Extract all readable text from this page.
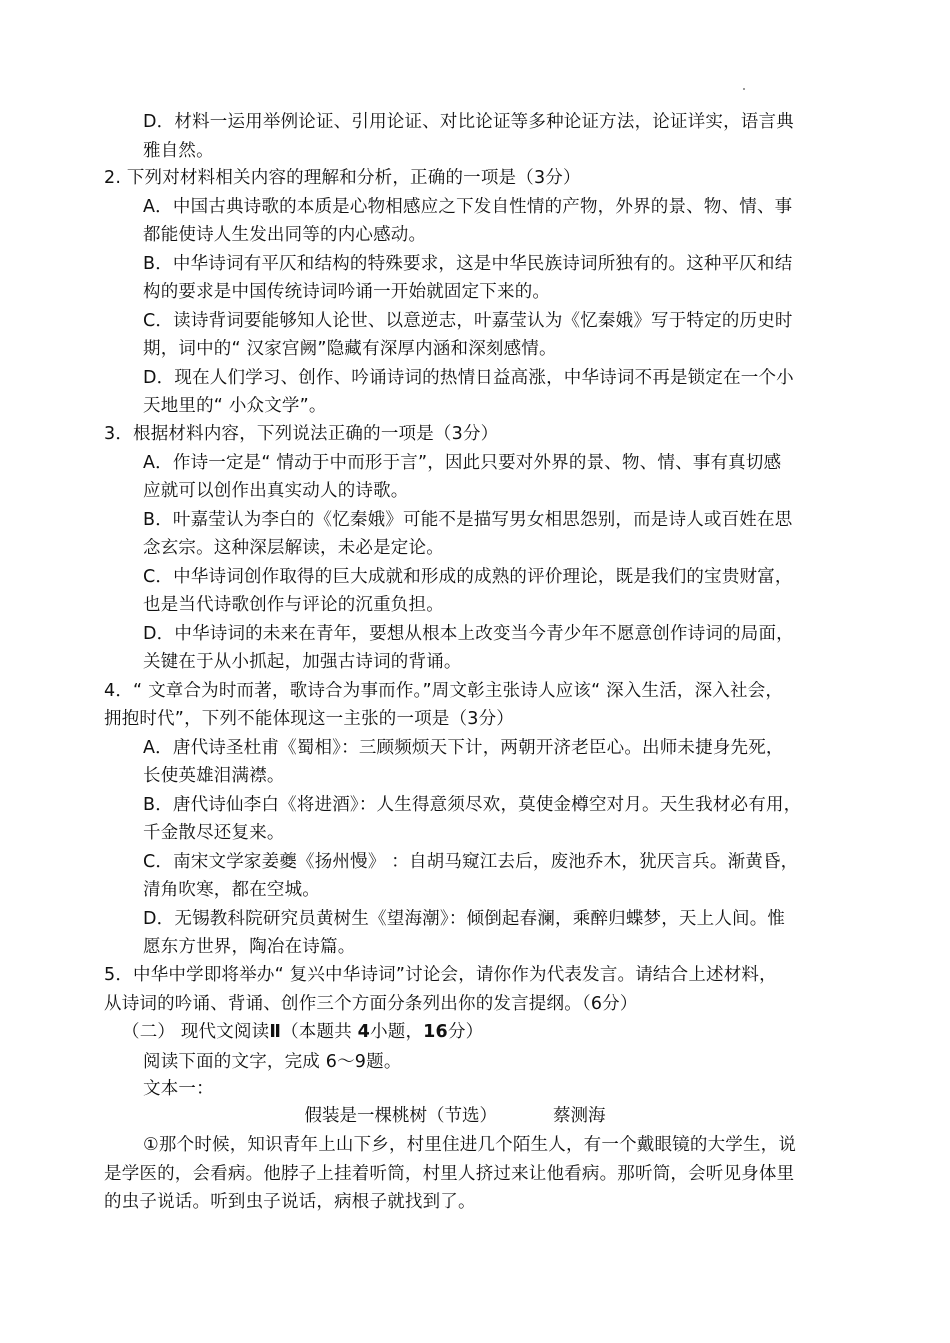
D．材料一运用举例论证、引用论证、对比论证等多种论证方法，论证详实，语言典
雅自然。
2. 下列对材料相关内容的理解和分析，正确的一项是（3分）
A．中国古典诗歌的本质是心物相感应之下发自性情的产物，外界的景、物、情、事
都能使诗人生发出同等的内心感动。
B．中华诗词有平仄和结构的特殊要求，这是中华民族诗词所独有的。这种平仄和结
构的要求是中国传统诗词吟诵一开始就固定下来的。
C．读诗背词要能够知人论世、以意逆志，叶嘉莹认为《忆秦娥》写于特定的历史时
期，词中的“ 汉家宫阙”隐藏有深厚内涵和深刻感情。
D．现在人们学习、创作、吟诵诗词的热情日益高涨，中华诗词不再是锁定在一个小
天地里的“ 小众文学”。
3．根据材料内容，下列说法正确的一项是（3分）
A．作诗一定是“ 情动于中而形于言”，因此只要对外界的景、物、情、事有真切感
应就可以创作出真实动人的诗歌。
B．叶嘉莹认为李白的《忆秦娥》可能不是描写男女相思怨别，而是诗人或百姓在思
念玄宗。这种深层解读，未必是定论。
C．中华诗词创作取得的巨大成就和形成的成熟的评价理论，既是我们的宝贵财富，
也是当代诗歌创作与评论的沉重负担。
D．中华诗词的未来在青年，要想从根本上改变当今青少年不愿意创作诗词的局面，
关键在于从小抓起，加强古诗词的背诵。
4．“ 文章合为时而著，歌诗合为事而作。”周文彰主张诗人应该“ 深入生活，深入社会，
拥抱时代”，下列不能体现这一主张的一项是（3分）
A．唐代诗圣杜甫《蜀相》：三顾频烦天下计，两朝开济老臣心。出师未捷身先死，
长使英雄泪满襟。
B．唐代诗仙李白《将进酒》：人生得意须尽欢，莫使金樽空对月。天生我材必有用，
千金散尽还复来。
C．南宋文学家姜夔《扬州慢》 ：自胡马窥江去后，废池乔木，犹厌言兵。渐黄昏，
清角吹寒，都在空城。
D．无锡教科院研究员黄树生《望海潮》：倾倒起春澜，乘醉归蝶梦，天上人间。惟
愿东方世界，陶冶在诗篇。
5．中华中学即将举办“ 复兴中华诗词”讨论会，请你作为代表发言。请结合上述材料，
从诗词的吟诵、背诵、创作三个方面分条列出你的发言提纲。（6分）
（二） 现代文阅读Ⅱ（本题共 4小题，16分）
阅读下面的文字，完成 6～9题。
文本一：
假装是一棵桃树（节选）	蔡测海
①那个时候，知识青年上山下乡，村里住进几个陌生人，有一个戴眼镜的大学生，说
是学医的，会看病。他脖子上挂着听筒，村里人挤过来让他看病。那听筒，会听见身体里
的虫子说话。听到虫子说话，病根子就找到了。
